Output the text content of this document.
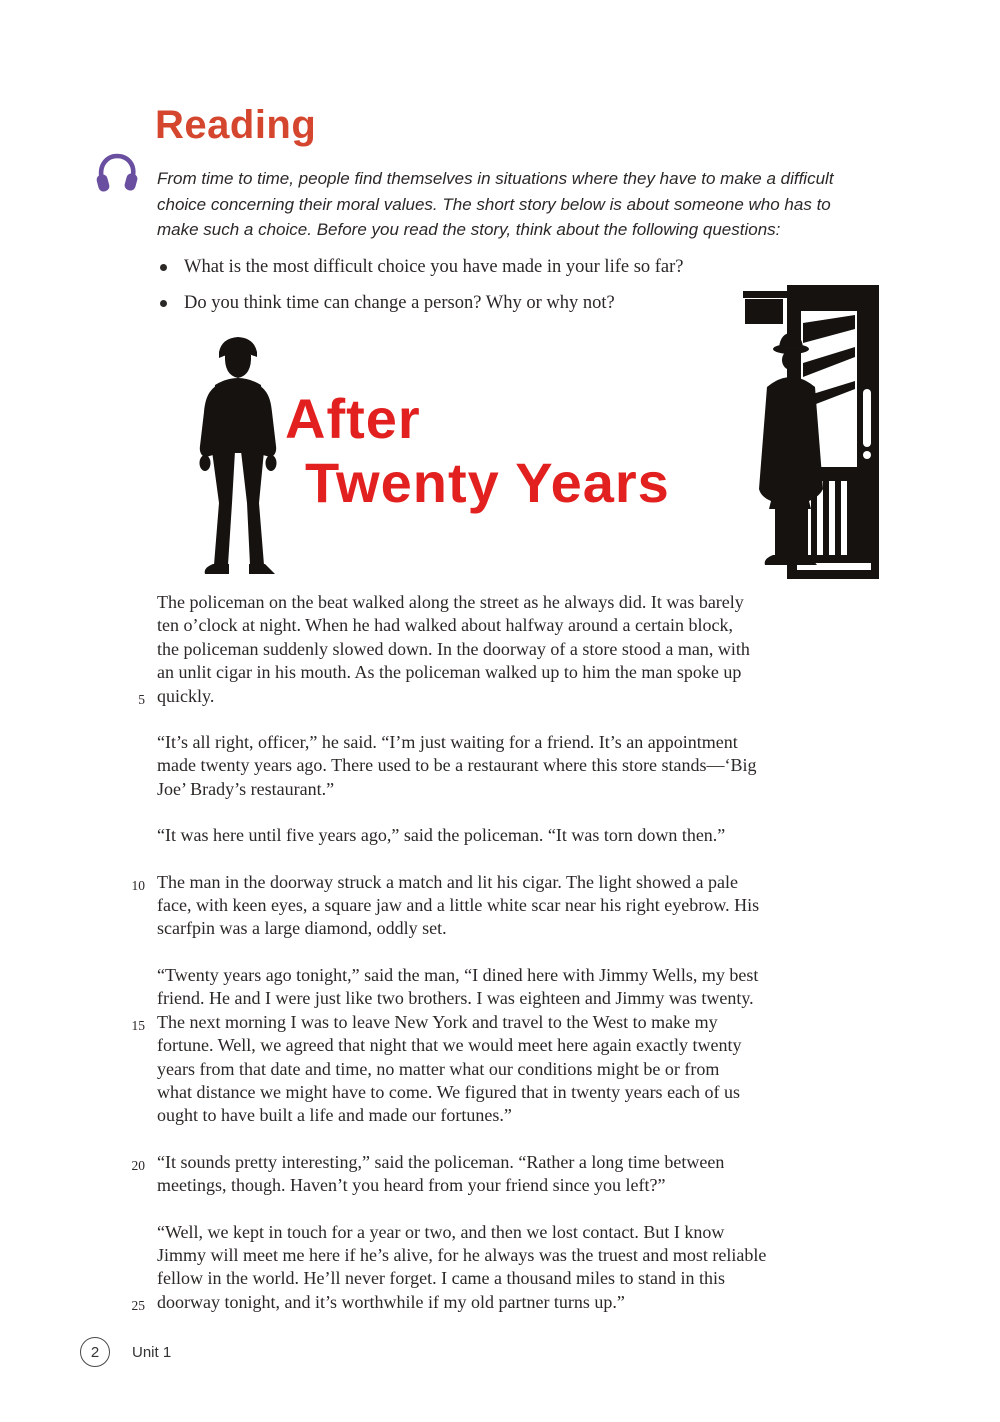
Reading
From time to time, people find themselves in situations where they have to make a difficult
choice concerning their moral values. The short story below is about someone who has to
make such a choice. Before you read the story, think about the following questions:
What is the most difficult choice you have made in your life so far?
Do you think time can change a person? Why or why not?
After
Twenty Years
The policeman on the beat walked along the street as he always did. It was barely
ten o’clock at night. When he had walked about halfway around a certain block,
the policeman suddenly slowed down. In the doorway of a store stood a man, with
an unlit cigar in his mouth. As the policeman walked up to him the man spoke up
5 quickly.
“It’s all right, officer,” he said. “I’m just waiting for a friend. It’s an appointment
made twenty years ago. There used to be a restaurant where this store stands—‘Big
Joe’ Brady’s restaurant.”
“It was here until five years ago,” said the policeman. “It was torn down then.”
10 The man in the doorway struck a match and lit his cigar. The light showed a pale
face, with keen eyes, a square jaw and a little white scar near his right eyebrow. His
scarfpin was a large diamond, oddly set.
“Twenty years ago tonight,” said the man, “I dined here with Jimmy Wells, my best
friend. He and I were just like two brothers. I was eighteen and Jimmy was twenty.
15 The next morning I was to leave New York and travel to the West to make my
fortune. Well, we agreed that night that we would meet here again exactly twenty
years from that date and time, no matter what our conditions might be or from
what distance we might have to come. We figured that in twenty years each of us
ought to have built a life and made our fortunes.”
20 “It sounds pretty interesting,” said the policeman. “Rather a long time between
meetings, though. Haven’t you heard from your friend since you left?”
“Well, we kept in touch for a year or two, and then we lost contact. But I know
Jimmy will meet me here if he’s alive, for he always was the truest and most reliable
fellow in the world. He’ll never forget. I came a thousand miles to stand in this
25 doorway tonight, and it’s worthwhile if my old partner turns up.”
2 Unit 1
